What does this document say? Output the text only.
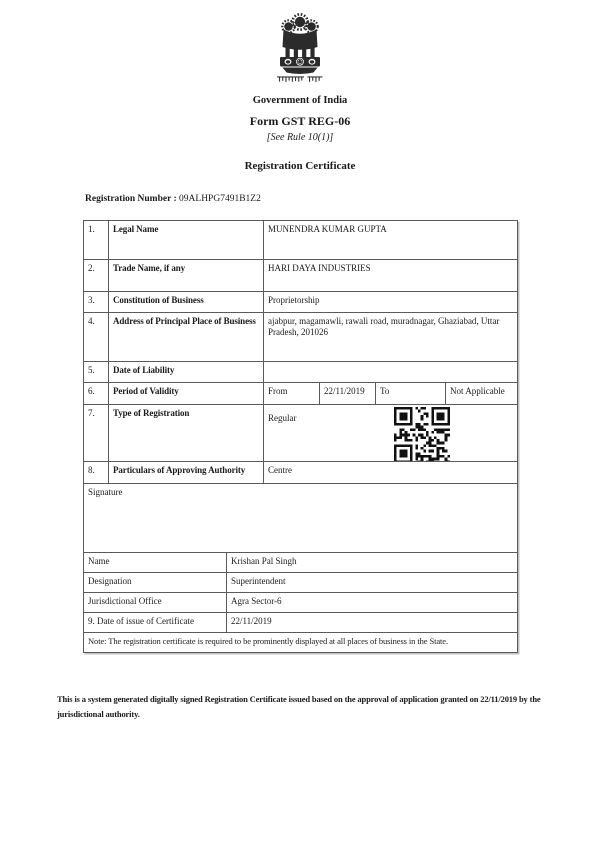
Government of India
Form GST REG-06
[See Rule 10(1)]
Registration Certificate
Registration Number : 09ALHPG7491B1Z2
1.	Legal Name		MUNENDRA KUMAR GUPTA			
2.	Trade Name, if any		HARI DAYA INDUSTRIES			
3.	Constitution of Business		Proprietorship			
4.	Address of Principal Place of Business		ajabpur, magamawli, rawali road, muradnagar, Ghaziabad, Uttar Pradesh, 201026			
5.	Date of Liability					
6.	Period of Validity		From	22/11/2019	To	Not Applicable
7.	Type of Registration		Regular			

8.	Particulars of Approving Authority		Centre			
Signature						
Name		Krishan Pal Singh				
Designation		Superintendent				
Jurisdictional Office		Agra Sector-6				
9. Date of issue of Certificate		22/11/2019				
Note: The registration certificate is required to be prominently displayed at all places of business in the State.						
This is a system generated digitally signed Registration Certificate issued based on the approval of application granted on 22/11/2019 by the jurisdictional authority.
